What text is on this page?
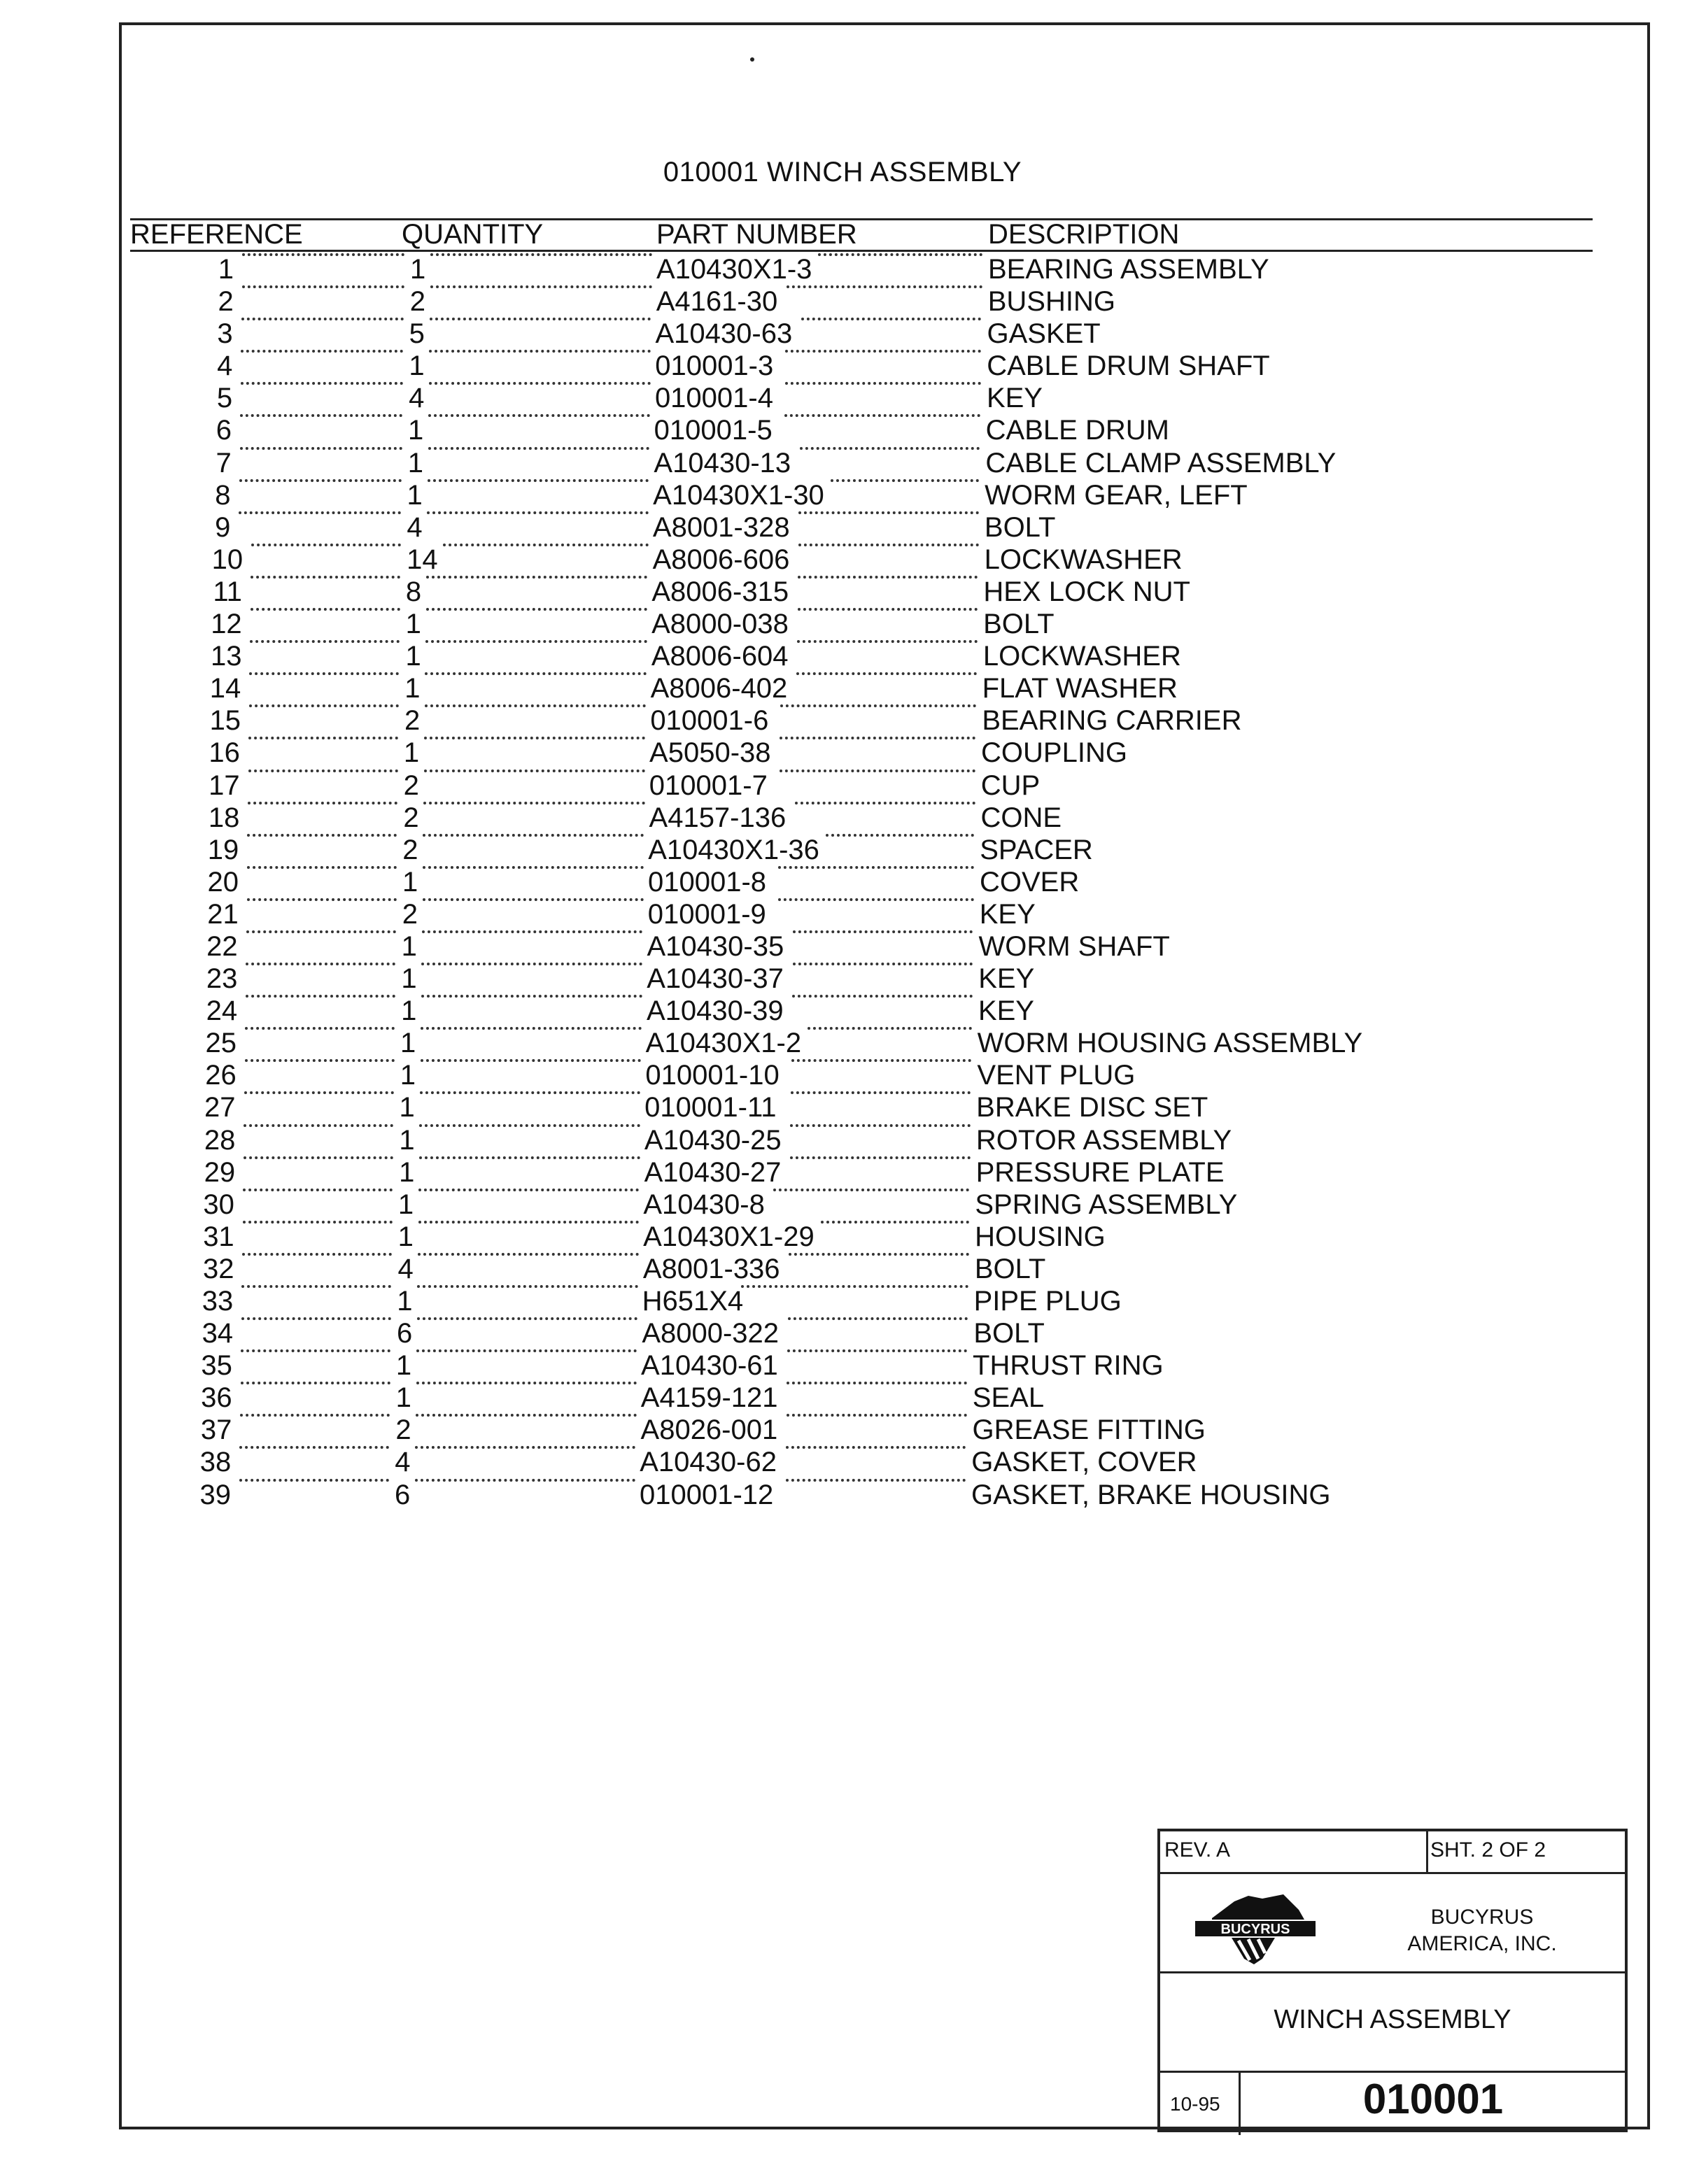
010001 WINCH ASSEMBLY
REFERENCE	QUANTITY	PART NUMBER	DESCRIPTION
1	1	A10430X1-3	BEARING ASSEMBLY
2	2	A4161-30	BUSHING
3	5	A10430-63	GASKET
4	1	010001-3	CABLE DRUM SHAFT
5	4	010001-4	KEY
6	1	010001-5	CABLE DRUM
7	1	A10430-13	CABLE CLAMP ASSEMBLY
8	1	A10430X1-30	WORM GEAR, LEFT
9	4	A8001-328	BOLT
10	14	A8006-606	LOCKWASHER
11	8	A8006-315	HEX LOCK NUT
12	1	A8000-038	BOLT
13	1	A8006-604	LOCKWASHER
14	1	A8006-402	FLAT WASHER
15	2	010001-6	BEARING CARRIER
16	1	A5050-38	COUPLING
17	2	010001-7	CUP
18	2	A4157-136	CONE
19	2	A10430X1-36	SPACER
20	1	010001-8	COVER
21	2	010001-9	KEY
22	1	A10430-35	WORM SHAFT
23	1	A10430-37	KEY
24	1	A10430-39	KEY
25	1	A10430X1-2	WORM HOUSING ASSEMBLY
26	1	010001-10	VENT PLUG
27	1	010001-11	BRAKE DISC SET
28	1	A10430-25	ROTOR ASSEMBLY
29	1	A10430-27	PRESSURE PLATE
30	1	A10430-8	SPRING ASSEMBLY
31	1	A10430X1-29	HOUSING
32	4	A8001-336	BOLT
33	1	H651X4	PIPE PLUG
34	6	A8000-322	BOLT
35	1	A10430-61	THRUST RING
36	1	A4159-121	SEAL
37	2	A8026-001	GREASE FITTING
38	4	A10430-62	GASKET, COVER
39	6	010001-12	GASKET, BRAKE HOUSING
REV. A	SHT. 2 OF 2
BUCYRUS
BUCYRUS
AMERICA, INC.
WINCH ASSEMBLY
10-95	010001
